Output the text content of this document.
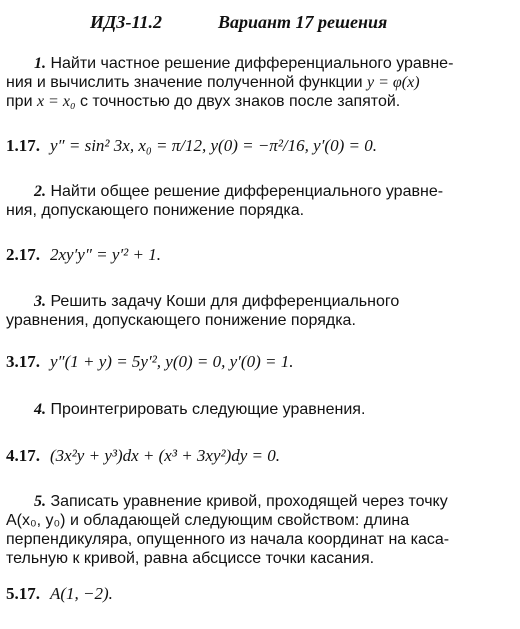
ИДЗ-11.2	Вариант 17 решения
1. Найти частное решение дифференциального уравне-
ния и вычислить значение полученной функции y = φ(x)
при x = x₀ с точностью до двух знаков после запятой.
1.17. y″ = sin² 3x, x₀ = π/12, y(0) = −π²/16, y′(0) = 0.
2. Найти общее решение дифференциального уравне-
ния, допускающего понижение порядка.
2.17. 2xy′y″ = y′² + 1.
3. Решить задачу Коши для дифференциального
уравнения, допускающего понижение порядка.
3.17. y″(1 + y) = 5y′², y(0) = 0, y′(0) = 1.
4. Проинтегрировать следующие уравнения.
4.17. (3x²y + y³)dx + (x³ + 3xy²)dy = 0.
5. Записать уравнение кривой, проходящей через точку
A(x₀, y₀) и обладающей следующим свойством: длина
перпендикуляра, опущенного из начала координат на каса-
тельную к кривой, равна абсциссе точки касания.
5.17. A(1, −2).
